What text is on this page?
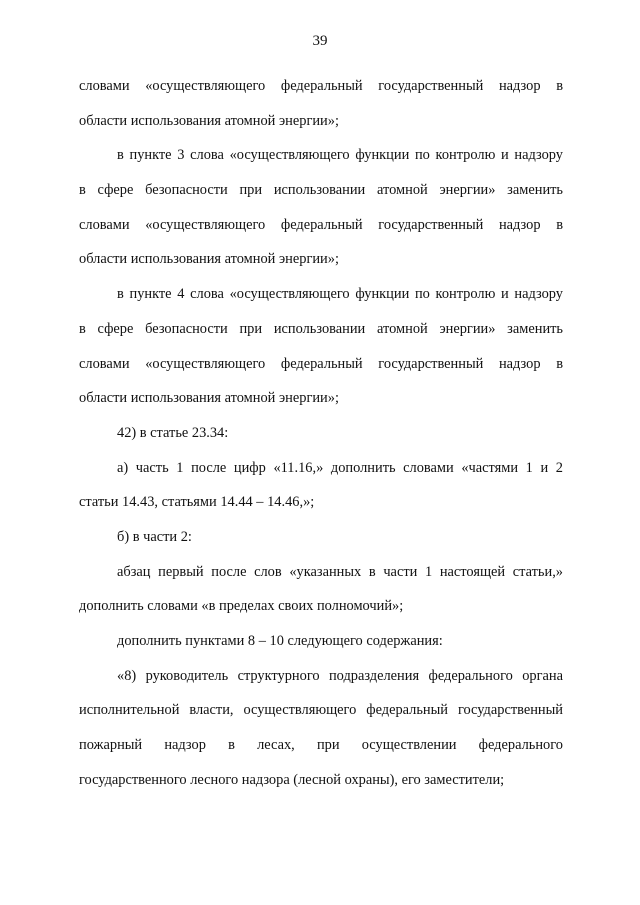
39
словами «осуществляющего федеральный государственный надзор в
области использования атомной энергии»;
в пункте 3 слова «осуществляющего функции по контролю и надзору
в сфере безопасности при использовании атомной энергии» заменить
словами «осуществляющего федеральный государственный надзор в
области использования атомной энергии»;
в пункте 4 слова «осуществляющего функции по контролю и надзору
в сфере безопасности при использовании атомной энергии» заменить
словами «осуществляющего федеральный государственный надзор в
области использования атомной энергии»;
42) в статье 23.34:
а) часть 1 после цифр «11.16,» дополнить словами «частями 1 и 2
статьи 14.43, статьями 14.44 – 14.46,»;
б) в части 2:
абзац первый после слов «указанных в части 1 настоящей статьи,»
дополнить словами «в пределах своих полномочий»;
дополнить пунктами 8 – 10 следующего содержания:
«8) руководитель структурного подразделения федерального органа
исполнительной власти, осуществляющего федеральный государственный
пожарный надзор в лесах, при осуществлении федерального
государственного лесного надзора (лесной охраны), его заместители;
